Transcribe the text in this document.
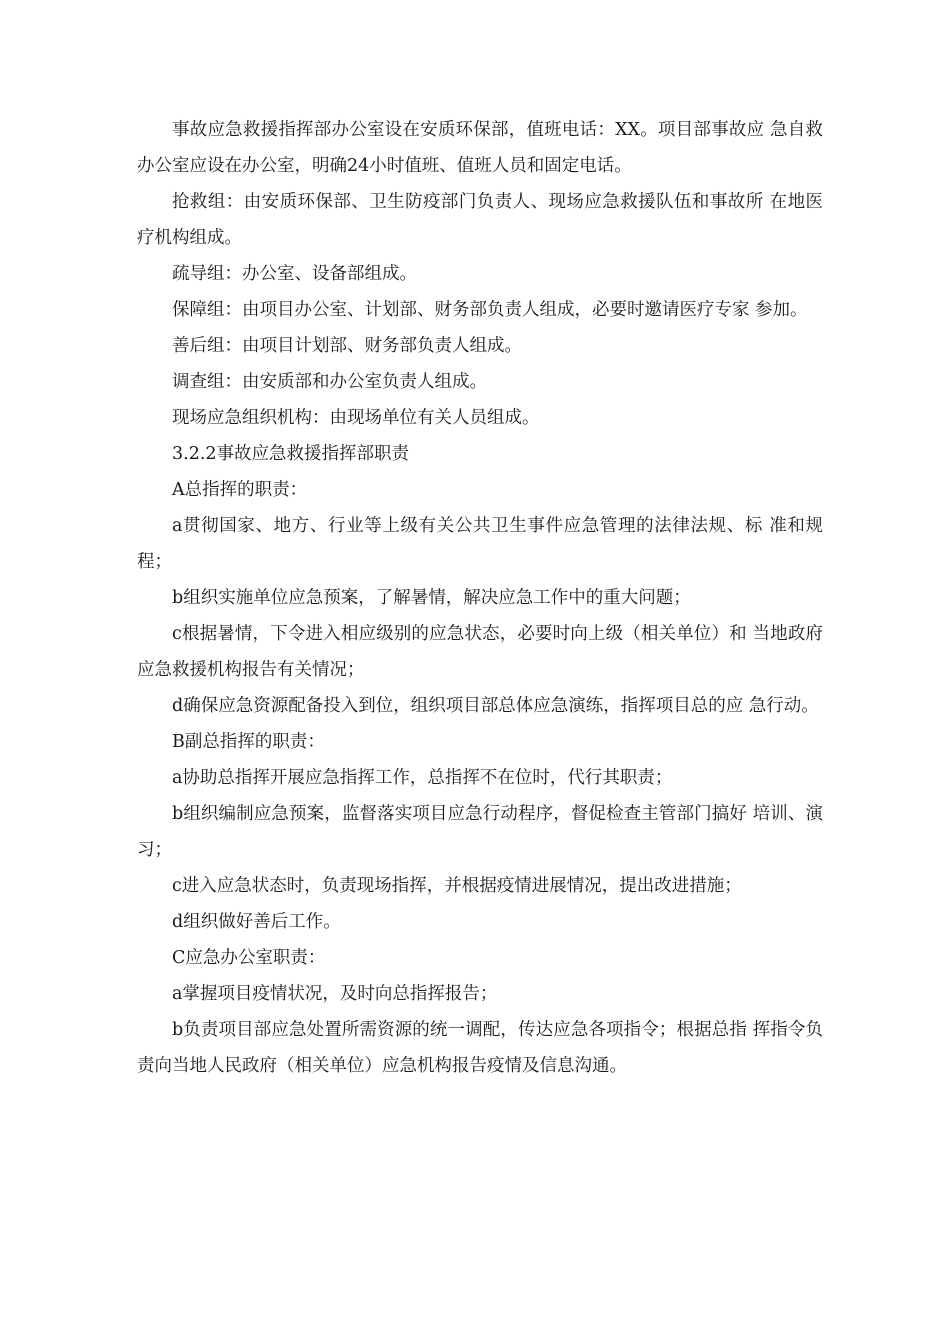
事故应急救援指挥部办公室设在安质环保部，值班电话：XX。项目部事故应 急自救办公室应设在办公室，明确24小时值班、值班人员和固定电话。

抢救组：由安质环保部、卫生防疫部门负责人、现场应急救援队伍和事故所 在地医疗机构组成。

疏导组：办公室、设备部组成。

保障组：由项目办公室、计划部、财务部负责人组成，必要时邀请医疗专家 参加。

善后组：由项目计划部、财务部负责人组成。

调查组：由安质部和办公室负责人组成。

现场应急组织机构：由现场单位有关人员组成。

3.2.2事故应急救援指挥部职责

A总指挥的职责：

a贯彻国家、地方、行业等上级有关公共卫生事件应急管理的法律法规、标 准和规程；

b组织实施单位应急预案，了解暑情，解决应急工作中的重大问题；

c根据暑情，下令进入相应级别的应急状态，必要时向上级（相关单位）和 当地政府应急救援机构报告有关情况；

d确保应急资源配备投入到位，组织项目部总体应急演练，指挥项目总的应 急行动。

B副总指挥的职责：

a协助总指挥开展应急指挥工作，总指挥不在位时，代行其职责；

b组织编制应急预案，监督落实项目应急行动程序，督促检查主管部门搞好 培训、演习；

c进入应急状态时，负责现场指挥，并根据疫情进展情况，提出改进措施；

d组织做好善后工作。

C应急办公室职责：

a掌握项目疫情状况，及时向总指挥报告；

b负责项目部应急处置所需资源的统一调配，传达应急各项指令；根据总指 挥指令负责向当地人民政府（相关单位）应急机构报告疫情及信息沟通。
